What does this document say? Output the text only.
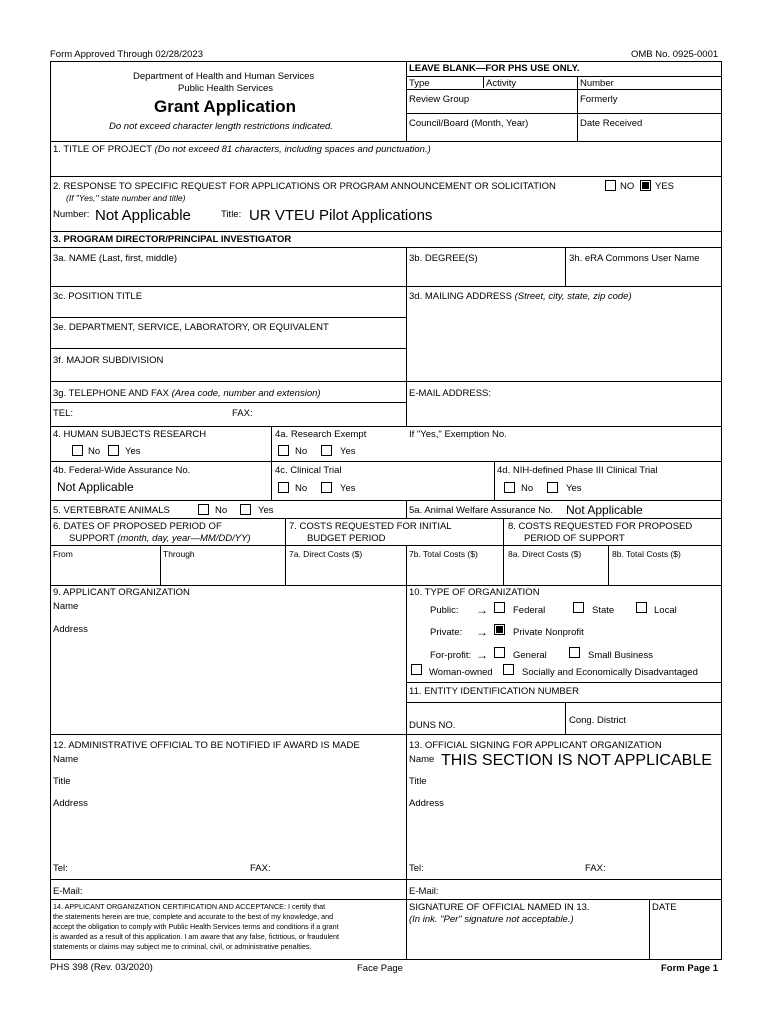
Form Approved Through 02/28/2023	OMB No. 0925-0001
Department of Health and Human Services
Public Health Services
Grant Application
Do not exceed character length restrictions indicated.
LEAVE BLANK—FOR PHS USE ONLY.
Type	Activity	Number
Review Group	Formerly
Council/Board (Month, Year)	Date Received
1. TITLE OF PROJECT (Do not exceed 81 characters, including spaces and punctuation.)
2. RESPONSE TO SPECIFIC REQUEST FOR APPLICATIONS OR PROGRAM ANNOUNCEMENT OR SOLICITATION	NO YES
(If "Yes," state number and title)
Number: Not Applicable	Title: UR VTEU Pilot Applications
3. PROGRAM DIRECTOR/PRINCIPAL INVESTIGATOR
3a. NAME (Last, first, middle)	3b. DEGREE(S)	3h. eRA Commons User Name
3c. POSITION TITLE	3d. MAILING ADDRESS (Street, city, state, zip code)
3e. DEPARTMENT, SERVICE, LABORATORY, OR EQUIVALENT
3f. MAJOR SUBDIVISION
3g. TELEPHONE AND FAX (Area code, number and extension)	E-MAIL ADDRESS:
TEL:	FAX:
4. HUMAN SUBJECTS RESEARCH
No	Yes
4a. Research Exempt
No	Yes
If "Yes," Exemption No.
4b. Federal-Wide Assurance No.
Not Applicable
4c. Clinical Trial
No	Yes
4d. NIH-defined Phase III Clinical Trial
No	Yes
5. VERTEBRATE ANIMALS	No	Yes	5a. Animal Welfare Assurance No. Not Applicable
6. DATES OF PROPOSED PERIOD OF
SUPPORT (month, day, year—MM/DD/YY)
7. COSTS REQUESTED FOR INITIAL
BUDGET PERIOD
8. COSTS REQUESTED FOR PROPOSED
PERIOD OF SUPPORT
From	Through	7a. Direct Costs ($)	7b. Total Costs ($)	8a. Direct Costs ($)	8b. Total Costs ($)
9. APPLICANT ORGANIZATION
Name
Address
10. TYPE OF ORGANIZATION
Public: →	Federal	State	Local
Private: →	Private Nonprofit
For-profit: →	General	Small Business
Woman-owned	Socially and Economically Disadvantaged
11. ENTITY IDENTIFICATION NUMBER
DUNS NO.	Cong. District
12. ADMINISTRATIVE OFFICIAL TO BE NOTIFIED IF AWARD IS MADE
Name
Title
Address
Tel:	FAX:
E-Mail:
13. OFFICIAL SIGNING FOR APPLICANT ORGANIZATION
Name THIS SECTION IS NOT APPLICABLE
Title
Address
Tel:	FAX:
E-Mail:
14. APPLICANT ORGANIZATION CERTIFICATION AND ACCEPTANCE: I certify that
the statements herein are true, complete and accurate to the best of my knowledge, and
accept the obligation to comply with Public Health Services terms and conditions if a grant
is awarded as a result of this application. I am aware that any false, fictitious, or fraudulent
statements or claims may subject me to criminal, civil, or administrative penalties.
SIGNATURE OF OFFICIAL NAMED IN 13.
(In ink. "Per" signature not acceptable.)
DATE
PHS 398 (Rev. 03/2020)	Face Page	Form Page 1
